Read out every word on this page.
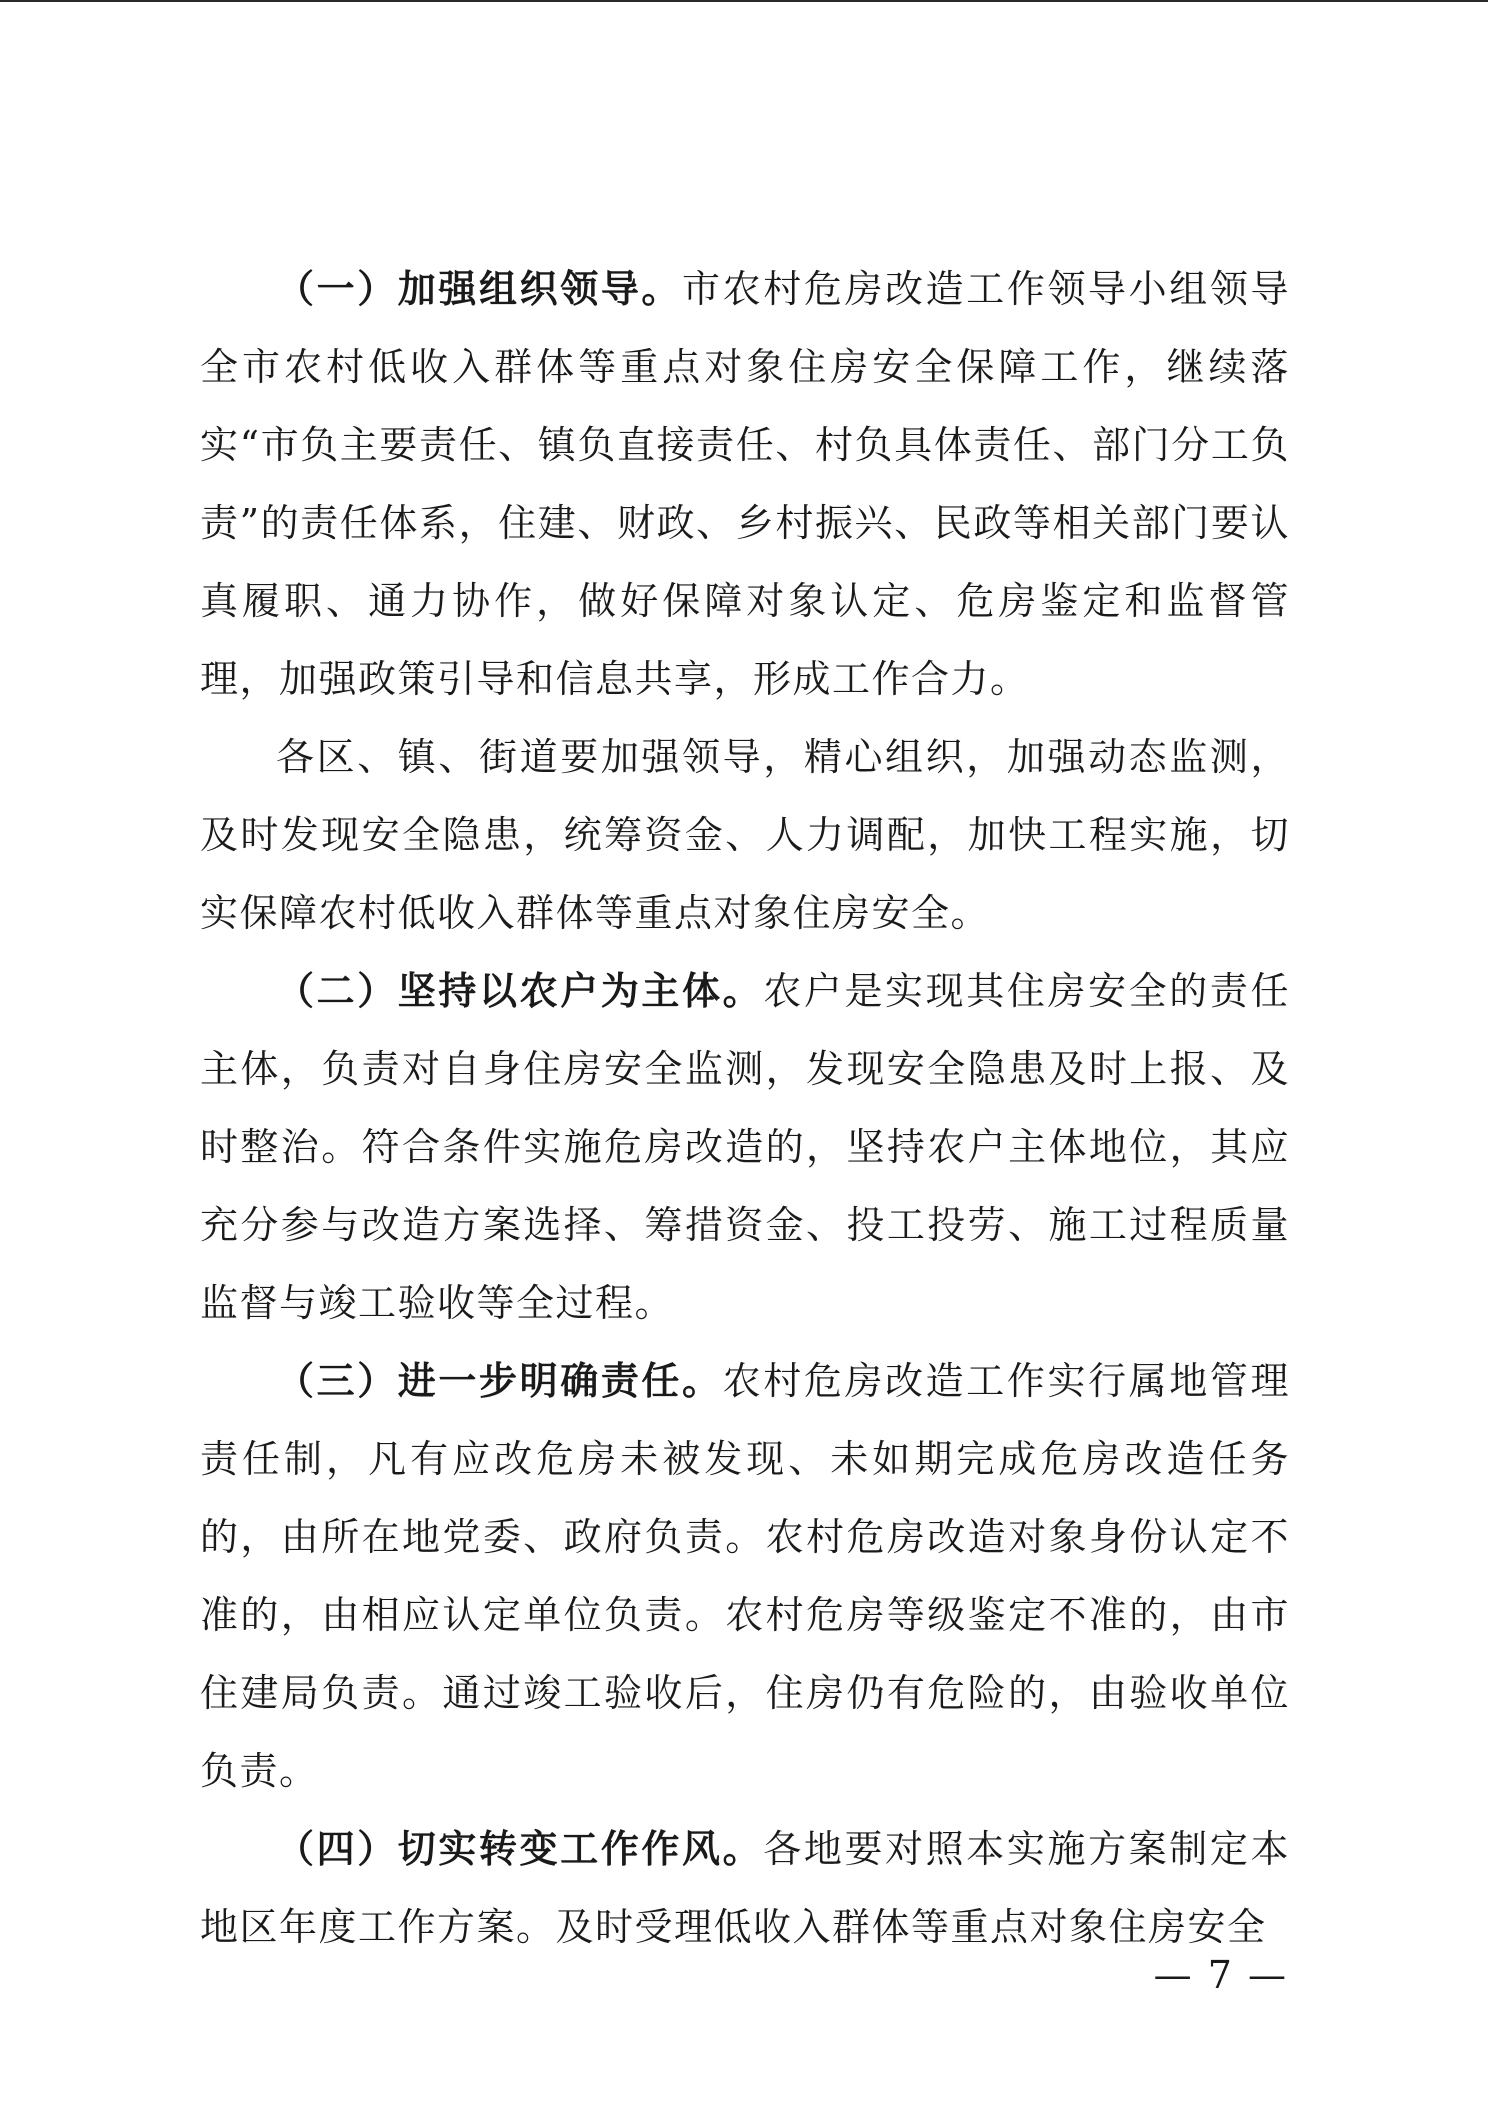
（一）加强组织领导。市农村危房改造工作领导小组领导全市农村低收入群体等重点对象住房安全保障工作，继续落实“市负主要责任、镇负直接责任、村负具体责任、部门分工负责”的责任体系，住建、财政、乡村振兴、民政等相关部门要认真履职、通力协作，做好保障对象认定、危房鉴定和监督管理，加强政策引导和信息共享，形成工作合力。

各区、镇、街道要加强领导，精心组织，加强动态监测，及时发现安全隐患，统筹资金、人力调配，加快工程实施，切实保障农村低收入群体等重点对象住房安全。

（二）坚持以农户为主体。农户是实现其住房安全的责任主体，负责对自身住房安全监测，发现安全隐患及时上报、及时整治。符合条件实施危房改造的，坚持农户主体地位，其应充分参与改造方案选择、筹措资金、投工投劳、施工过程质量监督与竣工验收等全过程。

（三）进一步明确责任。农村危房改造工作实行属地管理责任制，凡有应改危房未被发现、未如期完成危房改造任务的，由所在地党委、政府负责。农村危房改造对象身份认定不准的，由相应认定单位负责。农村危房等级鉴定不准的，由市住建局负责。通过竣工验收后，住房仍有危险的，由验收单位负责。

（四）切实转变工作作风。各地要对照本实施方案制定本地区年度工作方案。及时受理低收入群体等重点对象住房安全

— 7 —
